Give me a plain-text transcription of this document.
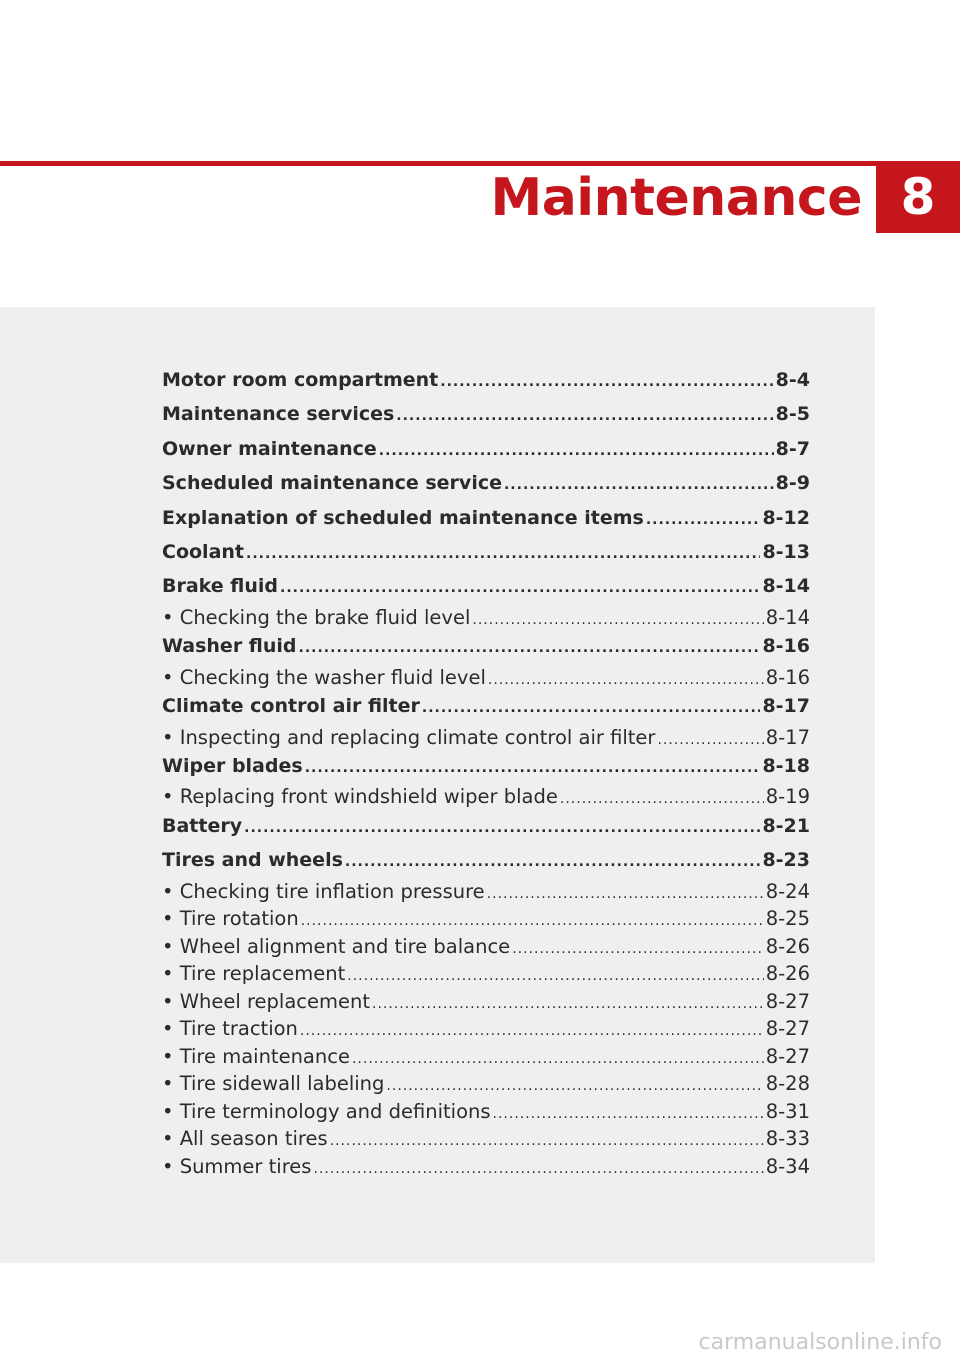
Maintenance 8
Motor room compartment .....	8-4
Maintenance services .....	8-5
Owner maintenance .....	8-7
Scheduled maintenance service .....	8-9
Explanation of scheduled maintenance items .....	8-12
Coolant .....	8-13
Brake fluid .....	8-14
• Checking the brake fluid level .....	8-14
Washer fluid .....	8-16
• Checking the washer fluid level .....	8-16
Climate control air filter .....	8-17
• Inspecting and replacing climate control air filter .....	8-17
Wiper blades .....	8-18
• Replacing front windshield wiper blade .....	8-19
Battery .....	8-21
Tires and wheels .....	8-23
• Checking tire inflation pressure .....	8-24
• Tire rotation .....	8-25
• Wheel alignment and tire balance .....	8-26
• Tire replacement .....	8-26
• Wheel replacement .....	8-27
• Tire traction .....	8-27
• Tire maintenance .....	8-27
• Tire sidewall labeling .....	8-28
• Tire terminology and definitions .....	8-31
• All season tires .....	8-33
• Summer tires .....	8-34
carmanualsonline.info
